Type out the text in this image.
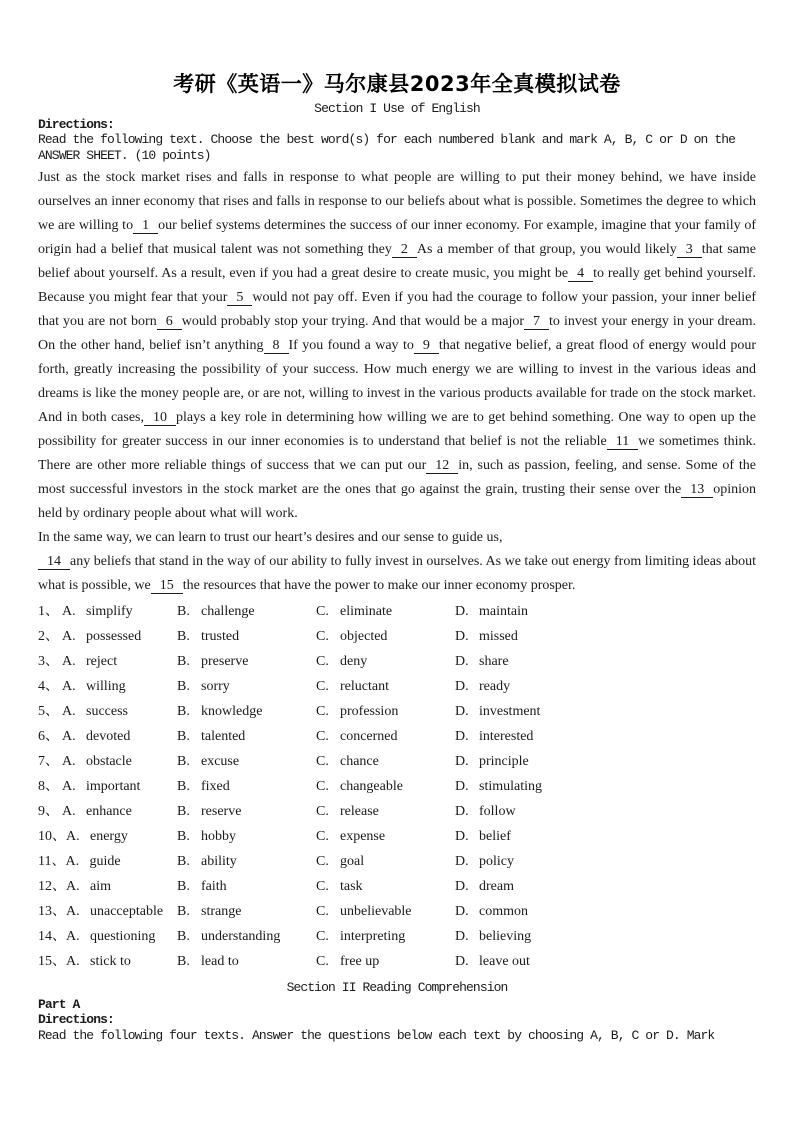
考研《英语一》马尔康县2023年全真模拟试卷
Section I Use of English
Directions:
Read the following text. Choose the best word(s) for each numbered blank and mark A, B, C or D on the ANSWER SHEET. (10 points)

Just as the stock market rises and falls in response to what people are willing to put their money behind, we have inside ourselves an inner economy that rises and falls in response to our beliefs about what is possible. Sometimes the degree to which we are willing to 1 our belief systems determines the success of our inner economy. For example, imagine that your family of origin had a belief that musical talent was not something they 2 As a member of that group, you would likely 3 that same belief about yourself. As a result, even if you had a great desire to create music, you might be 4 to really get behind yourself. Because you might fear that your 5 would not pay off. Even if you had the courage to follow your passion, your inner belief that you are not born 6 would probably stop your trying. And that would be a major 7 to invest your energy in your dream. On the other hand, belief isn’t anything 8 If you found a way to 9 that negative belief, a great flood of energy would pour forth, greatly increasing the possibility of your success. How much energy we are willing to invest in the various ideas and dreams is like the money people are, or are not, willing to invest in the various products available for trade on the stock market. And in both cases, 10 plays a key role in determining how willing we are to get behind something. One way to open up the possibility for greater success in our inner economies is to understand that belief is not the reliable 11 we sometimes think. There are other more reliable things of success that we can put our 12 in, such as passion, feeling, and sense. Some of the most successful investors in the stock market are the ones that go against the grain, trusting their sense over the 13 opinion held by ordinary people about what will work.

In the same way, we can learn to trust our heart’s desires and our sense to guide us,

14 any beliefs that stand in the way of our ability to fully invest in ourselves. As we take out energy from limiting ideas about what is possible, we 15 the resources that have the power to make our inner economy prosper.

1、 A. simplify	B. challenge	C. eliminate	D. maintain
2、 A. possessed	B. trusted	C. objected	D. missed
3、 A. reject	B. preserve	C. deny	D. share
4、 A. willing	B. sorry	C. reluctant	D. ready
5、 A. success	B. knowledge	C. profession	D. investment
6、 A. devoted	B. talented	C. concerned	D. interested
7、 A. obstacle	B. excuse	C. chance	D. principle
8、 A. important	B. fixed	C. changeable	D. stimulating
9、 A. enhance	B. reserve	C. release	D. follow
10、A. energy	B. hobby	C. expense	D. belief
11、A. guide	B. ability	C. goal	D. policy
12、A. aim	B. faith	C. task	D. dream
13、A. unacceptable B. strange	C. unbelievable	D. common
14、A. questioning	B. understanding	C. interpreting	D. believing
15、A. stick to	B. lead to	C. free up	D. leave out
Section II Reading Comprehension
Part A
Directions:
Read the following four texts. Answer the questions below each text by choosing A, B, C or D. Mark
